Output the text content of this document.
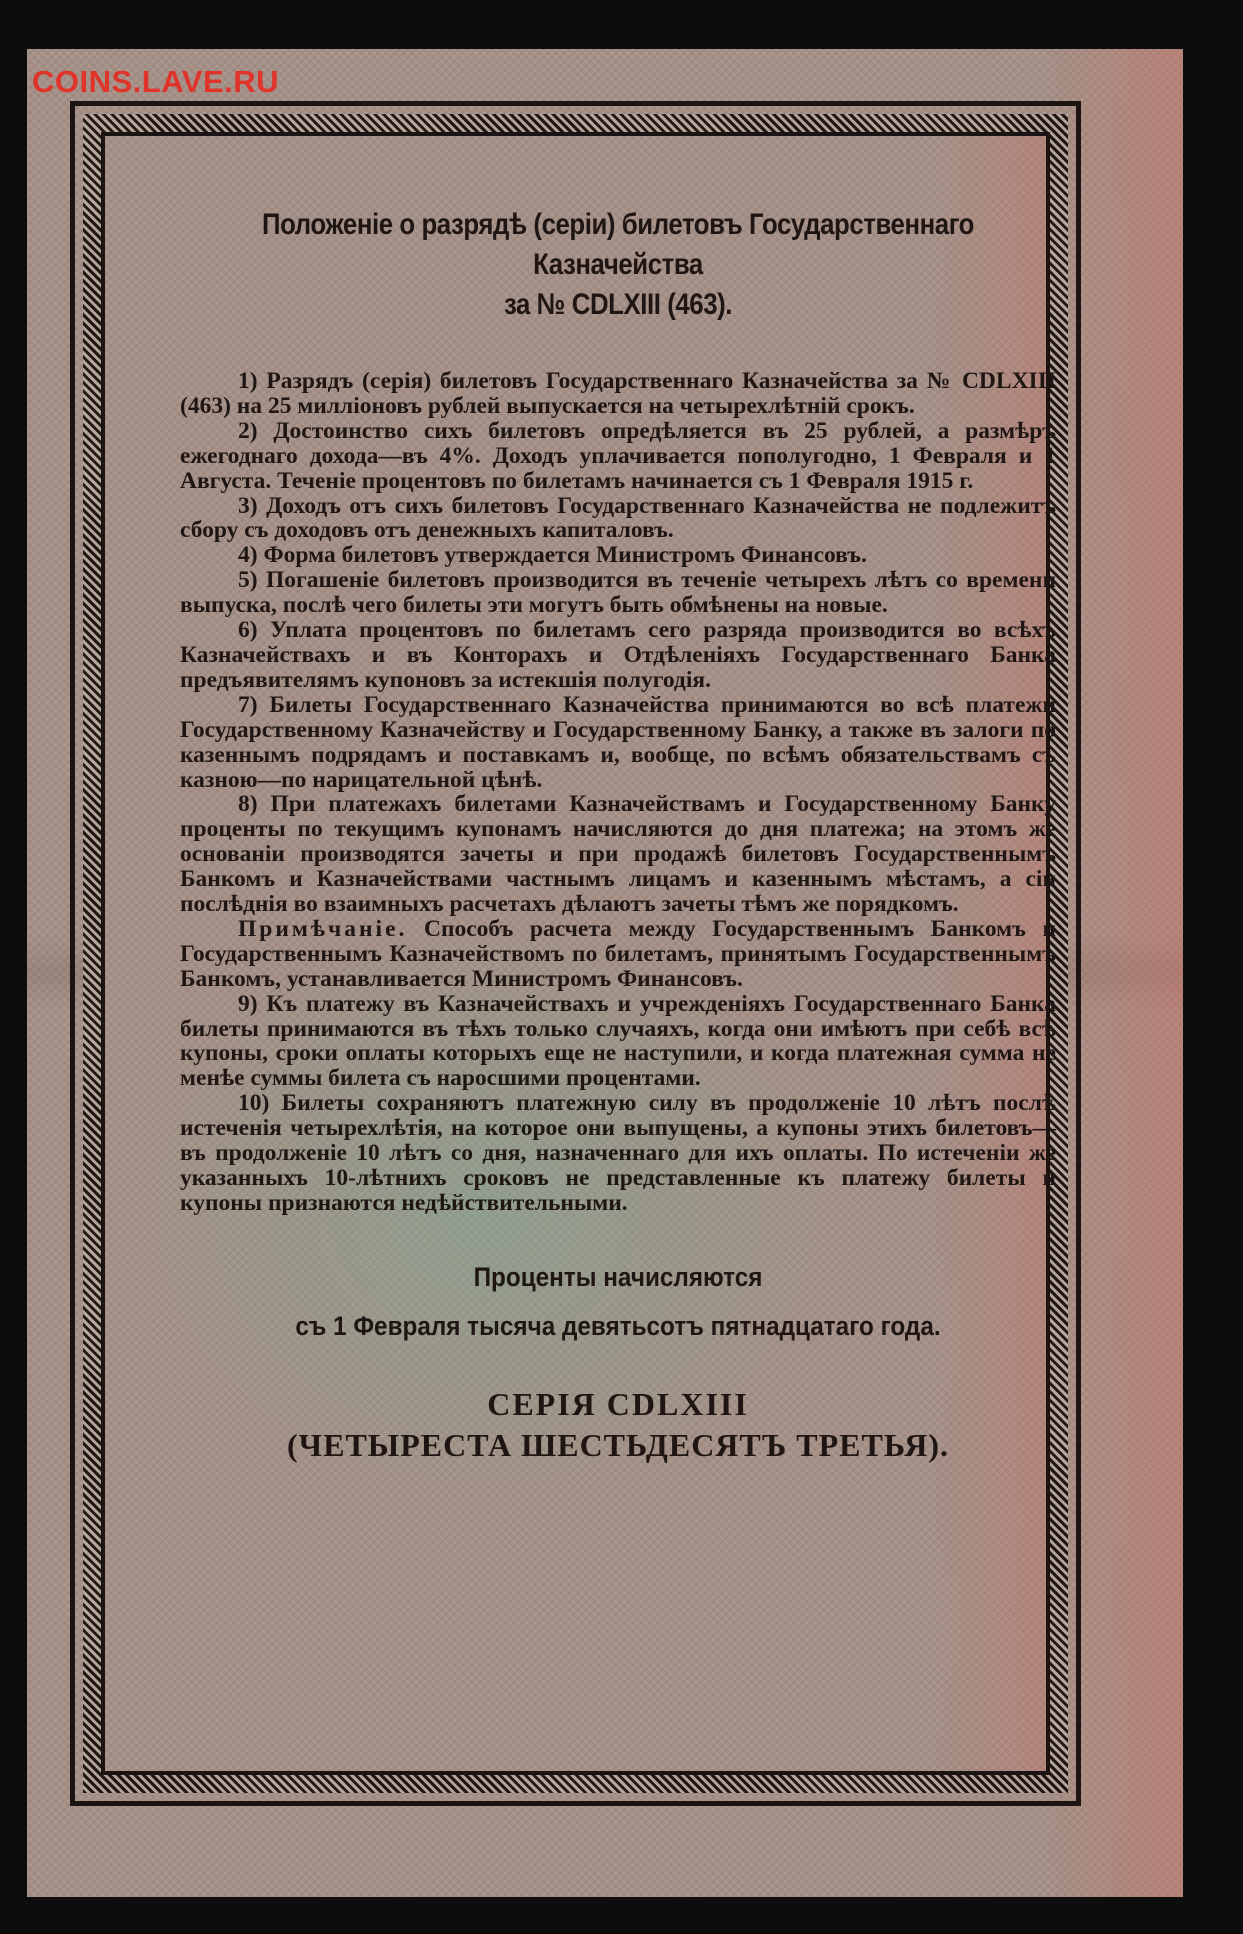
COINS.LAVE.RU

Положеніе о разрядѣ (серіи) билетовъ Государственнаго Казначейства

за № CDLXIII (463).

1) Разрядъ (серія) билетовъ Государственнаго Казначейства за № CDLXIII (463) на 25 милліоновъ рублей выпускается на четырехлѣтній срокъ.

2) Достоинство сихъ билетовъ опредѣляется въ 25 рублей, а размѣръ ежегоднаго дохода—въ 4%. Доходъ уплачивается пополугодно, 1 Февраля и 1 Августа. Теченіе процентовъ по билетамъ начинается съ 1 Февраля 1915 г.

3) Доходъ отъ сихъ билетовъ Государственнаго Казначейства не подлежитъ сбору съ доходовъ отъ денежныхъ капиталовъ.

4) Форма билетовъ утверждается Министромъ Финансовъ.

5) Погашеніе билетовъ производится въ теченіе четырехъ лѣтъ со времени выпуска, послѣ чего билеты эти могутъ быть обмѣнены на новые.

6) Уплата процентовъ по билетамъ сего разряда производится во всѣхъ Казначействахъ и въ Конторахъ и Отдѣленіяхъ Государственнаго Банка предъявителямъ купоновъ за истекшія полугодія.

7) Билеты Государственнаго Казначейства принимаются во всѣ платежи Государственному Казначейству и Государственному Банку, а также въ залоги по казеннымъ подрядамъ и поставкамъ и, вообще, по всѣмъ обязательствамъ съ казною—по нарицательной цѣнѣ.

8) При платежахъ билетами Казначействамъ и Государственному Банку проценты по текущимъ купонамъ начисляются до дня платежа; на этомъ же основаніи производятся зачеты и при продажѣ билетовъ Государственнымъ Банкомъ и Казначействами частнымъ лицамъ и казеннымъ мѣстамъ, а сіи послѣднія во взаимныхъ расчетахъ дѣлаютъ зачеты тѣмъ же порядкомъ.

Примѣчаніе. Способъ расчета между Государственнымъ Банкомъ и Государственнымъ Казначействомъ по билетамъ, принятымъ Государственнымъ Банкомъ, устанавливается Министромъ Финансовъ.

9) Къ платежу въ Казначействахъ и учрежденіяхъ Государственнаго Банка билеты принимаются въ тѣхъ только случаяхъ, когда они имѣютъ при себѣ всѣ купоны, сроки оплаты которыхъ еще не наступили, и когда платежная сумма не менѣе суммы билета съ наросшими процентами.

10) Билеты сохраняютъ платежную силу въ продолженіе 10 лѣтъ послѣ истеченія четырехлѣтія, на которое они выпущены, а купоны этихъ билетовъ—въ продолженіе 10 лѣтъ со дня, назначеннаго для ихъ оплаты. По истеченіи же указанныхъ 10-лѣтнихъ сроковъ не представленные къ платежу билеты и купоны признаются недѣйствительными.

Проценты начисляются

съ 1 Февраля тысяча девятьсотъ пятнадцатаго года.

СЕРІЯ CDLXIII

(ЧЕТЫРЕСТА ШЕСТЬДЕСЯТЪ ТРЕТЬЯ).
